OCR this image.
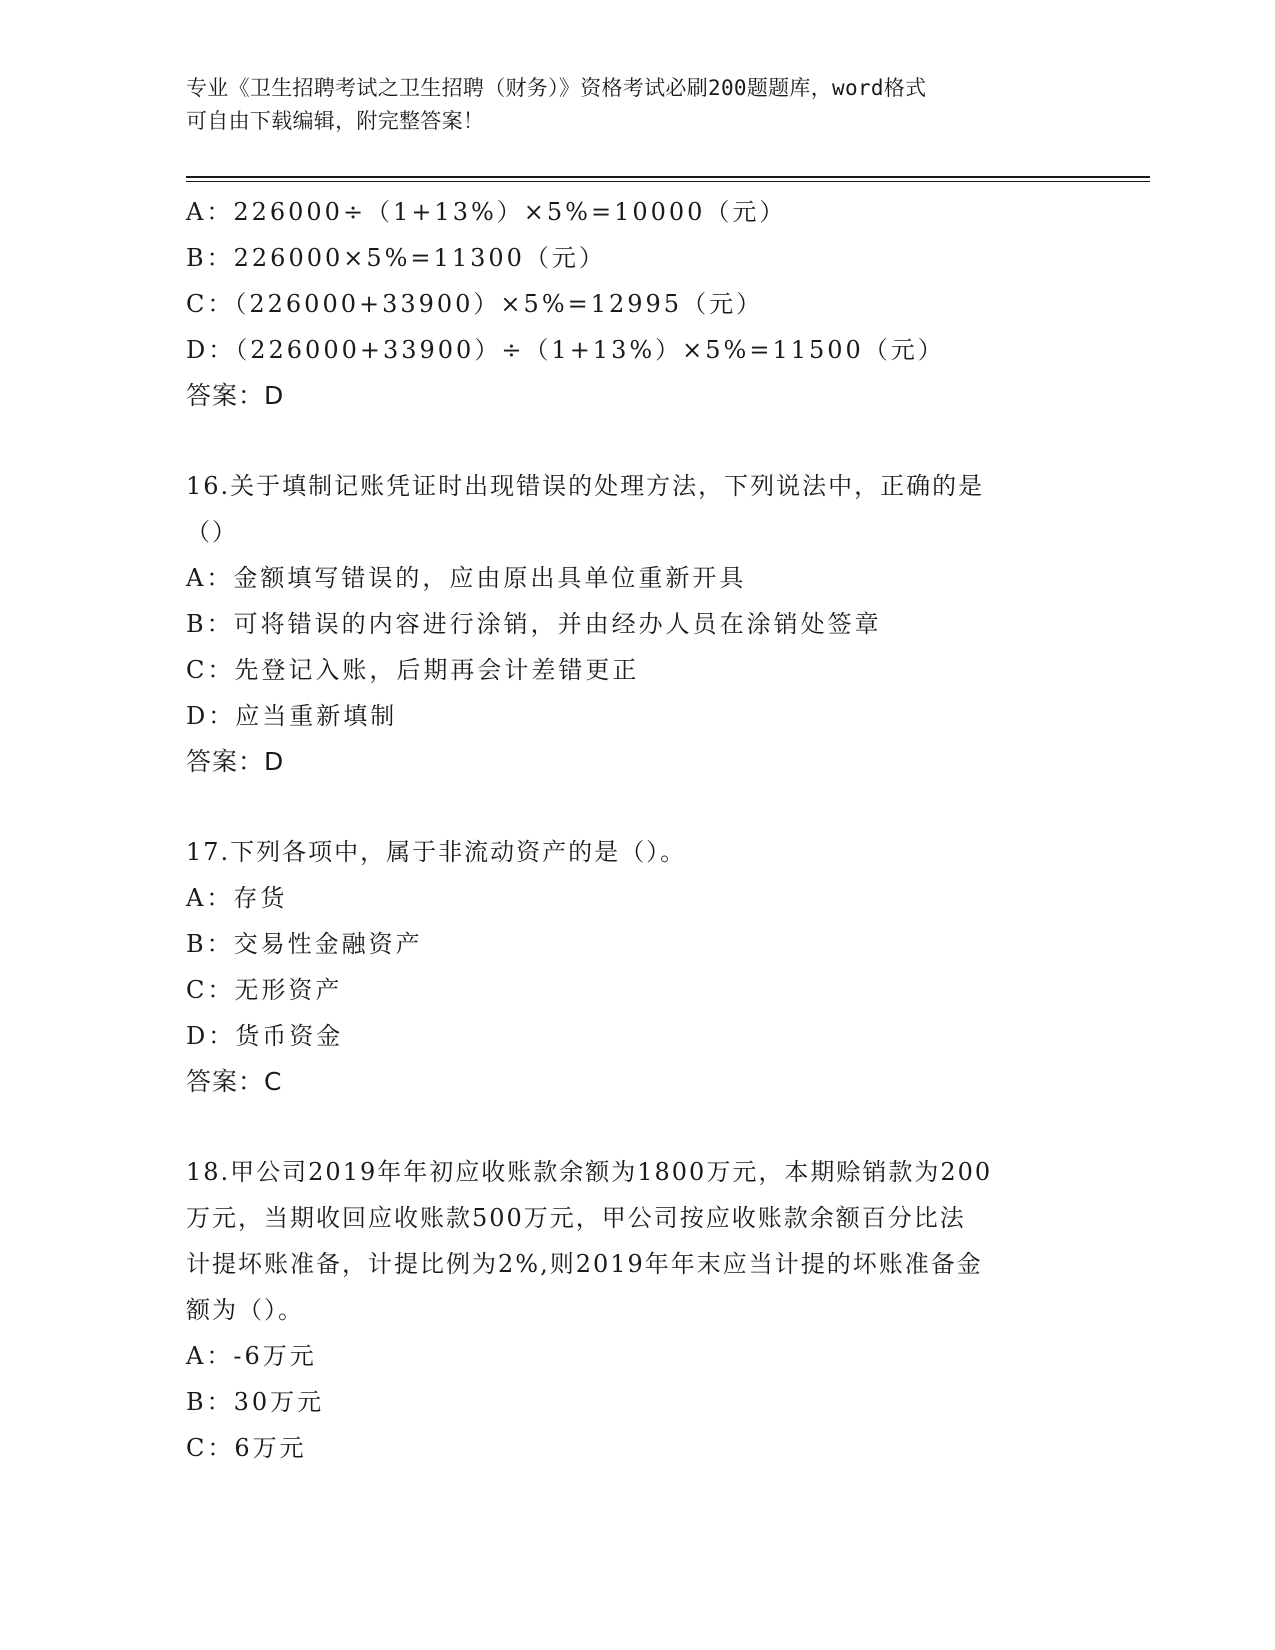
专业《卫生招聘考试之卫生招聘（财务）》资格考试必刷200题题库，word格式
可自由下载编辑，附完整答案！
A：226000÷（1+13%）×5%=10000（元）
B：226000×5%=11300（元）
C：（226000+33900）×5%=12995（元）
D：（226000+33900）÷（1+13%）×5%=11500（元）
答案：D
16.关于填制记账凭证时出现错误的处理方法，下列说法中，正确的是
（）
A：金额填写错误的，应由原出具单位重新开具
B：可将错误的内容进行涂销，并由经办人员在涂销处签章
C：先登记入账，后期再会计差错更正
D：应当重新填制
答案：D
17.下列各项中，属于非流动资产的是（）。
A：存货
B：交易性金融资产
C：无形资产
D：货币资金
答案：C
18.甲公司2019年年初应收账款余额为1800万元，本期赊销款为200
万元，当期收回应收账款500万元，甲公司按应收账款余额百分比法
计提坏账准备，计提比例为2%,则2019年年末应当计提的坏账准备金
额为（）。
A：-6万元
B：30万元
C：6万元
